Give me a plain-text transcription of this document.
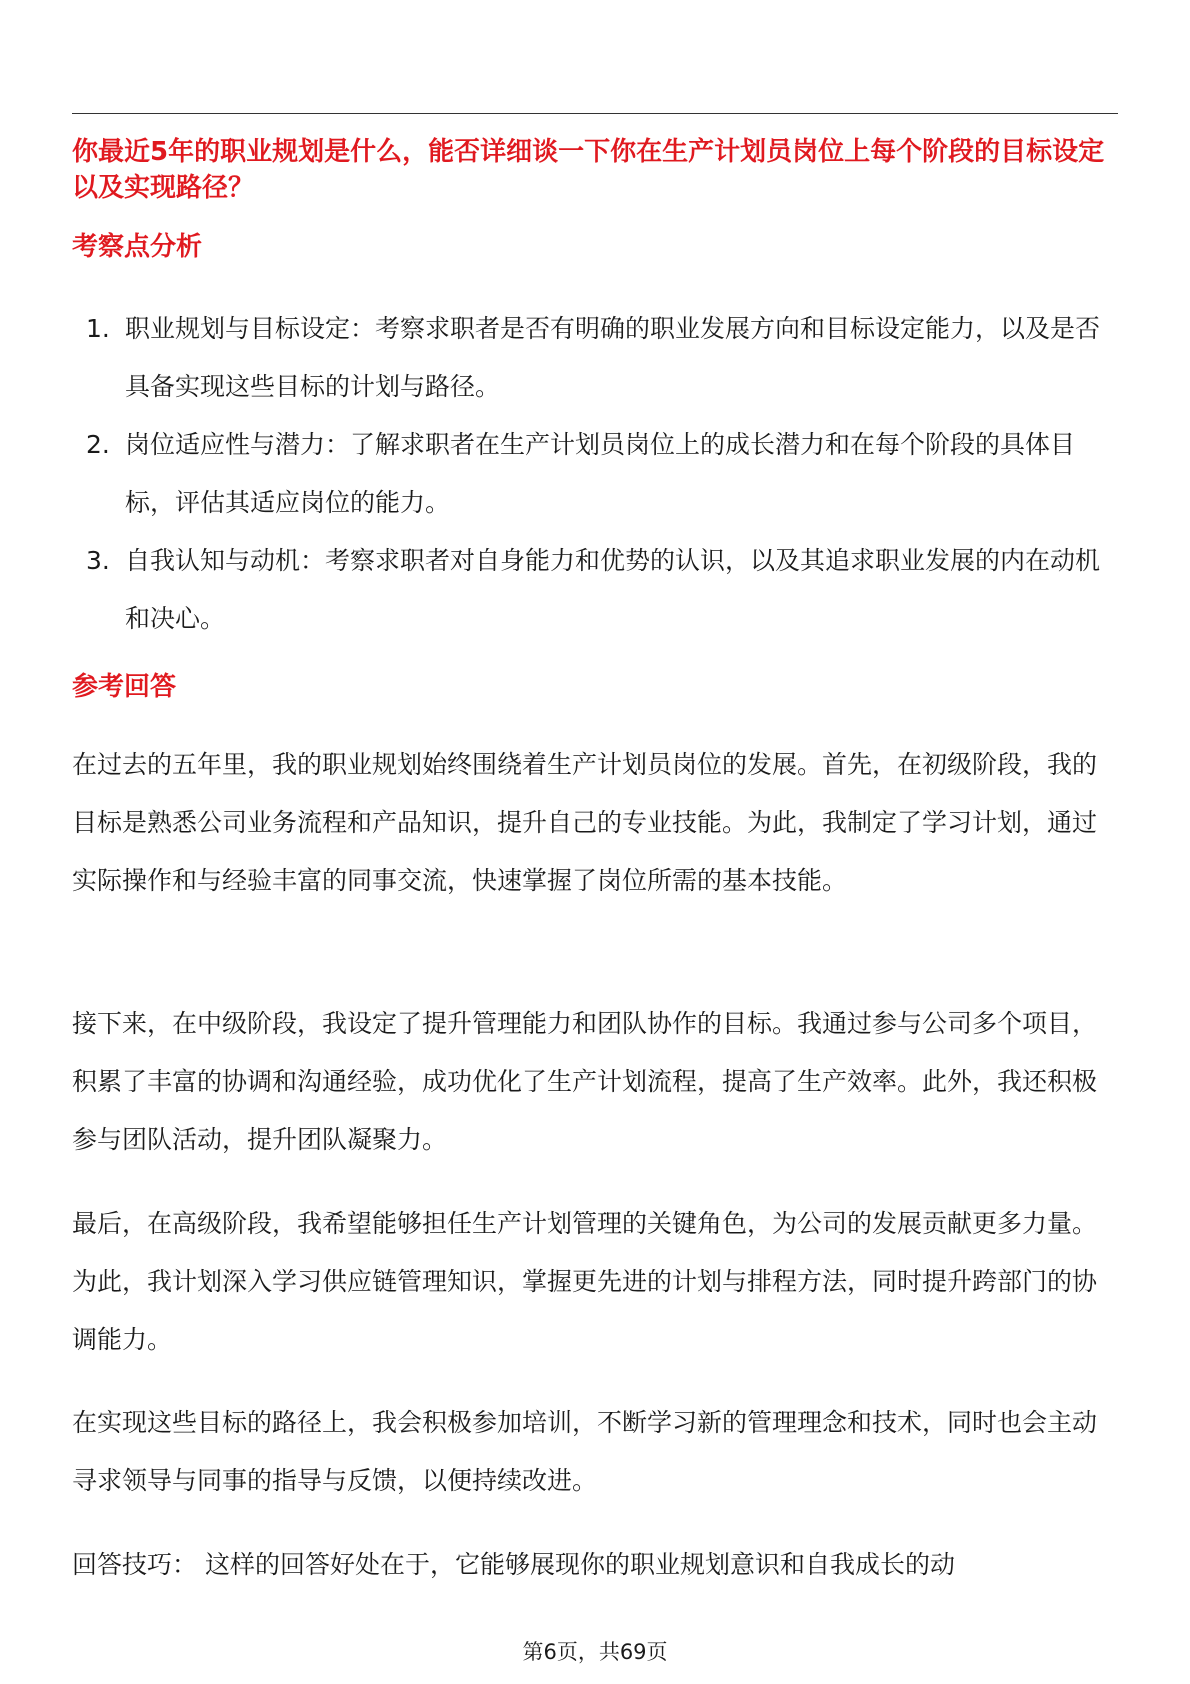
你最近5年的职业规划是什么，能否详细谈一下你在生产计划员岗位上每个阶段的目标设定以及实现路径？
考察点分析
1. 职业规划与目标设定：考察求职者是否有明确的职业发展方向和目标设定能力，以及是否具备实现这些目标的计划与路径。
2. 岗位适应性与潜力：了解求职者在生产计划员岗位上的成长潜力和在每个阶段的具体目标，评估其适应岗位的能力。
3. 自我认知与动机：考察求职者对自身能力和优势的认识，以及其追求职业发展的内在动机和决心。
参考回答

在过去的五年里，我的职业规划始终围绕着生产计划员岗位的发展。首先，在初级阶段，我的目标是熟悉公司业务流程和产品知识，提升自己的专业技能。为此，我制定了学习计划，通过实际操作和与经验丰富的同事交流，快速掌握了岗位所需的基本技能。

接下来，在中级阶段，我设定了提升管理能力和团队协作的目标。我通过参与公司多个项目，积累了丰富的协调和沟通经验，成功优化了生产计划流程，提高了生产效率。此外，我还积极参与团队活动，提升团队凝聚力。

最后，在高级阶段，我希望能够担任生产计划管理的关键角色，为公司的发展贡献更多力量。为此，我计划深入学习供应链管理知识，掌握更先进的计划与排程方法，同时提升跨部门的协调能力。

在实现这些目标的路径上，我会积极参加培训，不断学习新的管理理念和技术，同时也会主动寻求领导与同事的指导与反馈，以便持续改进。

回答技巧： 这样的回答好处在于，它能够展现你的职业规划意识和自我成长的动

第6页，共69页
